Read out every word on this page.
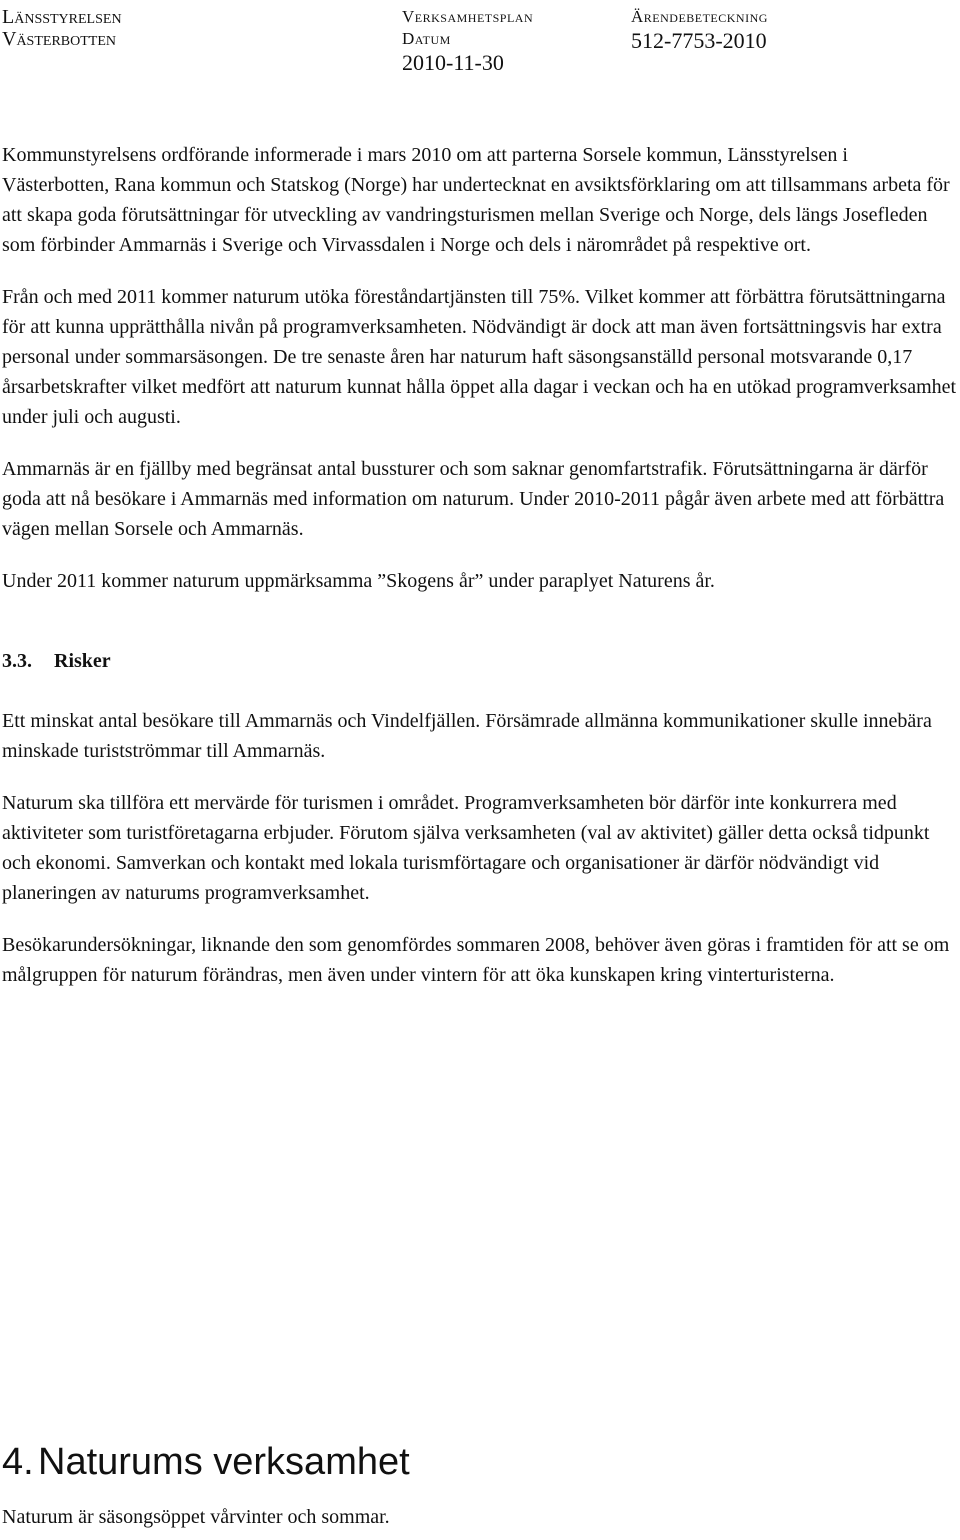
Länsstyrelsen
Västerbotten
Verksamhetsplan
Datum
2010-11-30
Ärendebeteckning
512-7753-2010

Kommunstyrelsens ordförande informerade i mars 2010 om att parterna Sorsele kommun, Länsstyrelsen i Västerbotten, Rana kommun och Statskog (Norge) har undertecknat en avsiktsförklaring om att tillsammans arbeta för att skapa goda förutsättningar för utveckling av vandringsturismen mellan Sverige och Norge, dels längs Josefleden som förbinder Ammarnäs i Sverige och Virvassdalen i Norge och dels i närområdet på respektive ort.

Från och med 2011 kommer naturum utöka föreståndartjänsten till 75%. Vilket kommer att förbättra förutsättningarna för att kunna upprätthålla nivån på programverksamheten. Nödvändigt är dock att man även fortsättningsvis har extra personal under sommarsäsongen. De tre senaste åren har naturum haft säsongsanställd personal motsvarande 0,17 årsarbetskrafter vilket medfört att naturum kunnat hålla öppet alla dagar i veckan och ha en utökad programverksamhet under juli och augusti.

Ammarnäs är en fjällby med begränsat antal bussturer och som saknar genomfartstrafik. Förutsättningarna är därför goda att nå besökare i Ammarnäs med information om naturum. Under 2010-2011 pågår även arbete med att förbättra vägen mellan Sorsele och Ammarnäs.

Under 2011 kommer naturum uppmärksamma ”Skogens år” under paraplyet Naturens år.

3.3. Risker

Ett minskat antal besökare till Ammarnäs och Vindelfjällen. Försämrade allmänna kommunikationer skulle innebära minskade turistströmmar till Ammarnäs.

Naturum ska tillföra ett mervärde för turismen i området. Programverksamheten bör därför inte konkurrera med aktiviteter som turistföretagarna erbjuder. Förutom själva verksamheten (val av aktivitet) gäller detta också tidpunkt och ekonomi. Samverkan och kontakt med lokala turismförtagare och organisationer är därför nödvändigt vid planeringen av naturums programverksamhet.

Besökarundersökningar, liknande den som genomfördes sommaren 2008, behöver även göras i framtiden för att se om målgruppen för naturum förändras, men även under vintern för att öka kunskapen kring vinterturisterna.

4. Naturums verksamhet

Naturum är säsongsöppet vårvinter och sommar.
